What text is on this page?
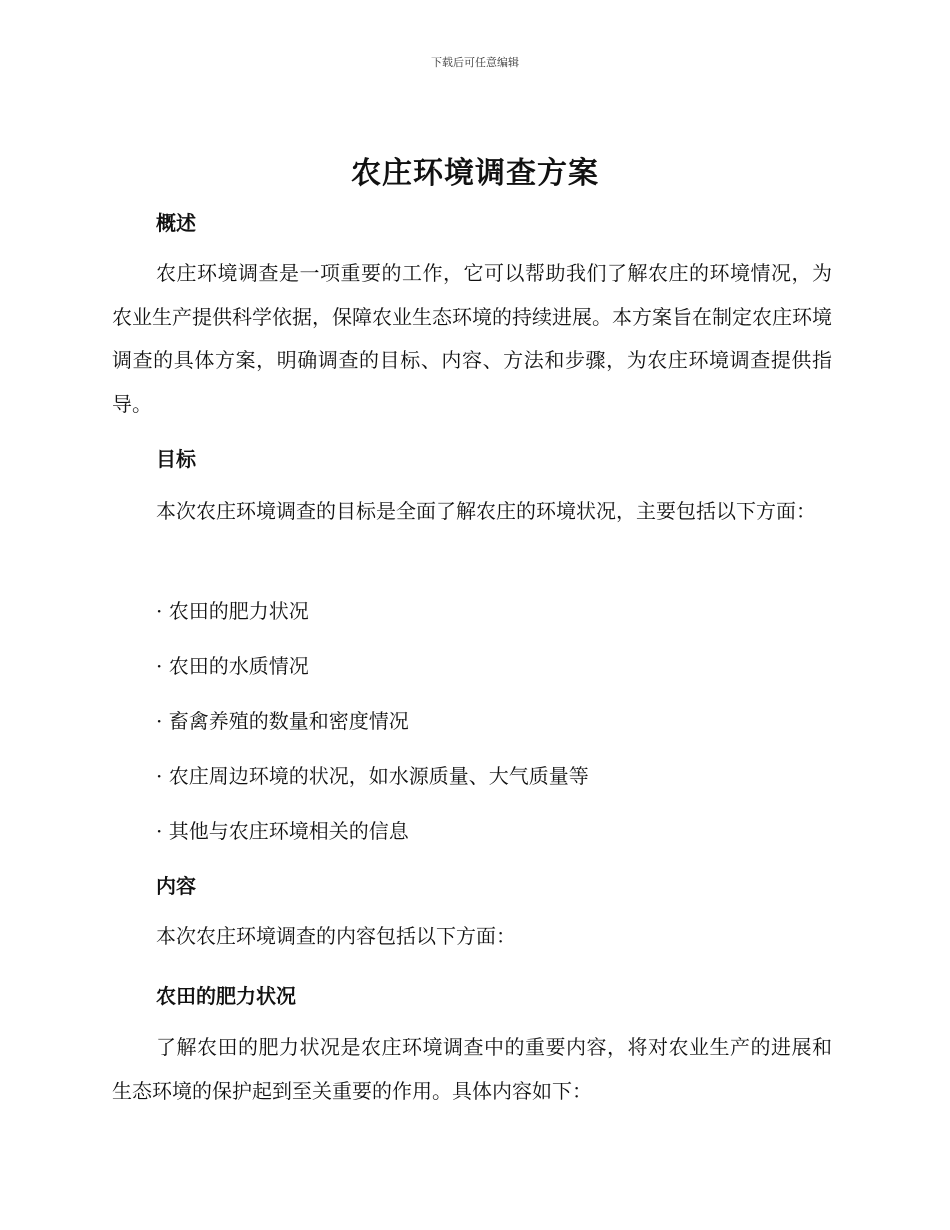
下载后可任意编辑
农庄环境调查方案
概述
农庄环境调查是一项重要的工作，它可以帮助我们了解农庄的环境情况，为农业生产提供科学依据，保障农业生态环境的持续进展。本方案旨在制定农庄环境调查的具体方案，明确调查的目标、内容、方法和步骤，为农庄环境调查提供指导。
目标
本次农庄环境调查的目标是全面了解农庄的环境状况，主要包括以下方面：
· 农田的肥力状况
· 农田的水质情况
· 畜禽养殖的数量和密度情况
· 农庄周边环境的状况，如水源质量、大气质量等
· 其他与农庄环境相关的信息
内容
本次农庄环境调查的内容包括以下方面：
农田的肥力状况
了解农田的肥力状况是农庄环境调查中的重要内容，将对农业生产的进展和生态环境的保护起到至关重要的作用。具体内容如下：
